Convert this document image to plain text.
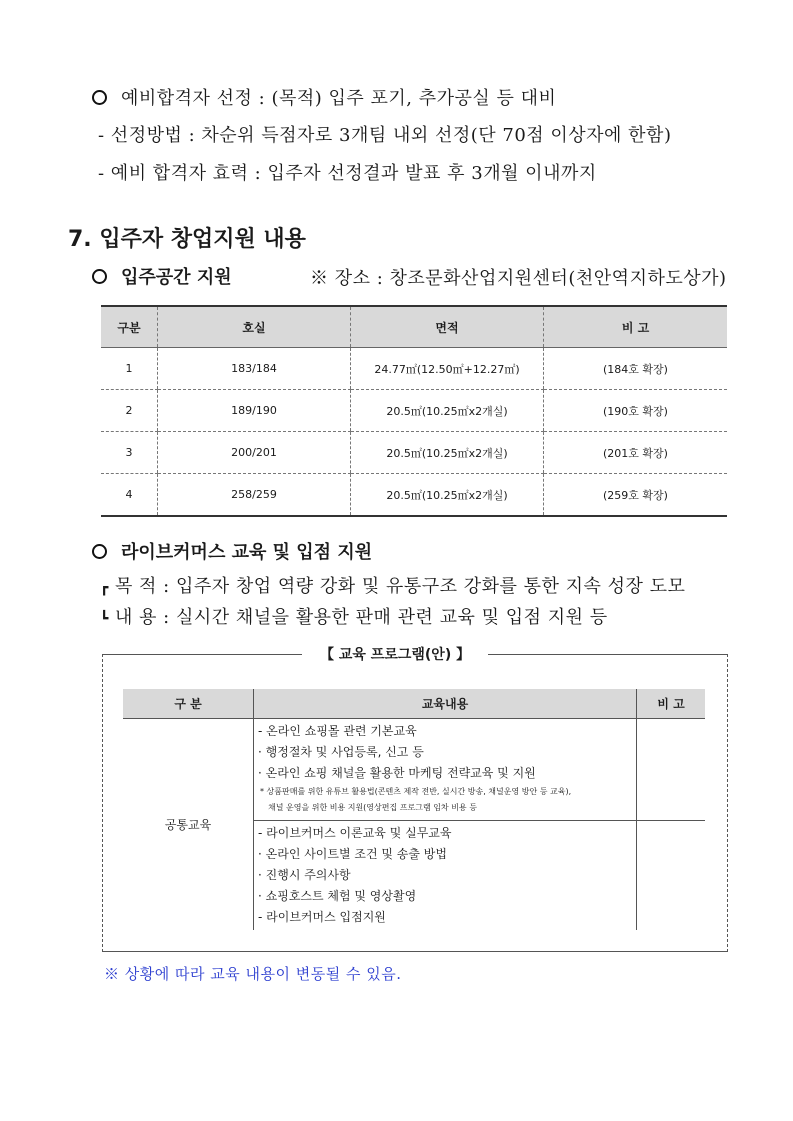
예비합격자 선정 : (목적) 입주 포기, 추가공실 등 대비
- 선정방법 : 차순위 득점자로 3개팀 내외 선정(단 70점 이상자에 한함)
- 예비 합격자 효력 : 입주자 선정결과 발표 후 3개월 이내까지
7. 입주자 창업지원 내용
입주공간 지원	※ 장소 : 창조문화산업지원센터(천안역지하도상가)
구분	호실	면적	비 고
1	183/184	24.77㎡(12.50㎡+12.27㎡)	(184호 확장)
2	189/190	20.5㎡(10.25㎡x2개실)	(190호 확장)
3	200/201	20.5㎡(10.25㎡x2개실)	(201호 확장)
4	258/259	20.5㎡(10.25㎡x2개실)	(259호 확장)
라이브커머스 교육 및 입점 지원
┏ 목 적 : 입주자 창업 역량 강화 및 유통구조 강화를 통한 지속 성장 도모
┗ 내 용 : 실시간 채널을 활용한 판매 관련 교육 및 입점 지원 등
【 교육 프로그램(안) 】
구 분	교육내용	비 고
공통교육	- 온라인 쇼핑몰 관련 기본교육
· 행정절차 및 사업등록, 신고 등
· 온라인 쇼핑 채널을 활용한 마케팅 전략교육 및 지원
* 상품판매를 위한 유튜브 활용법(콘텐츠 제작 전반, 실시간 방송, 채널운영 방안 등 교육),
채널 운영을 위한 비용 지원(영상편집 프로그램 임차 비용 등	

	- 라이브커머스 이론교육 및 실무교육
· 온라인 사이트별 조건 및 송출 방법
· 진행시 주의사항
· 쇼핑호스트 체험 및 영상촬영
- 라이브커머스 입점지원	

※ 상황에 따라 교육 내용이 변동될 수 있음.
